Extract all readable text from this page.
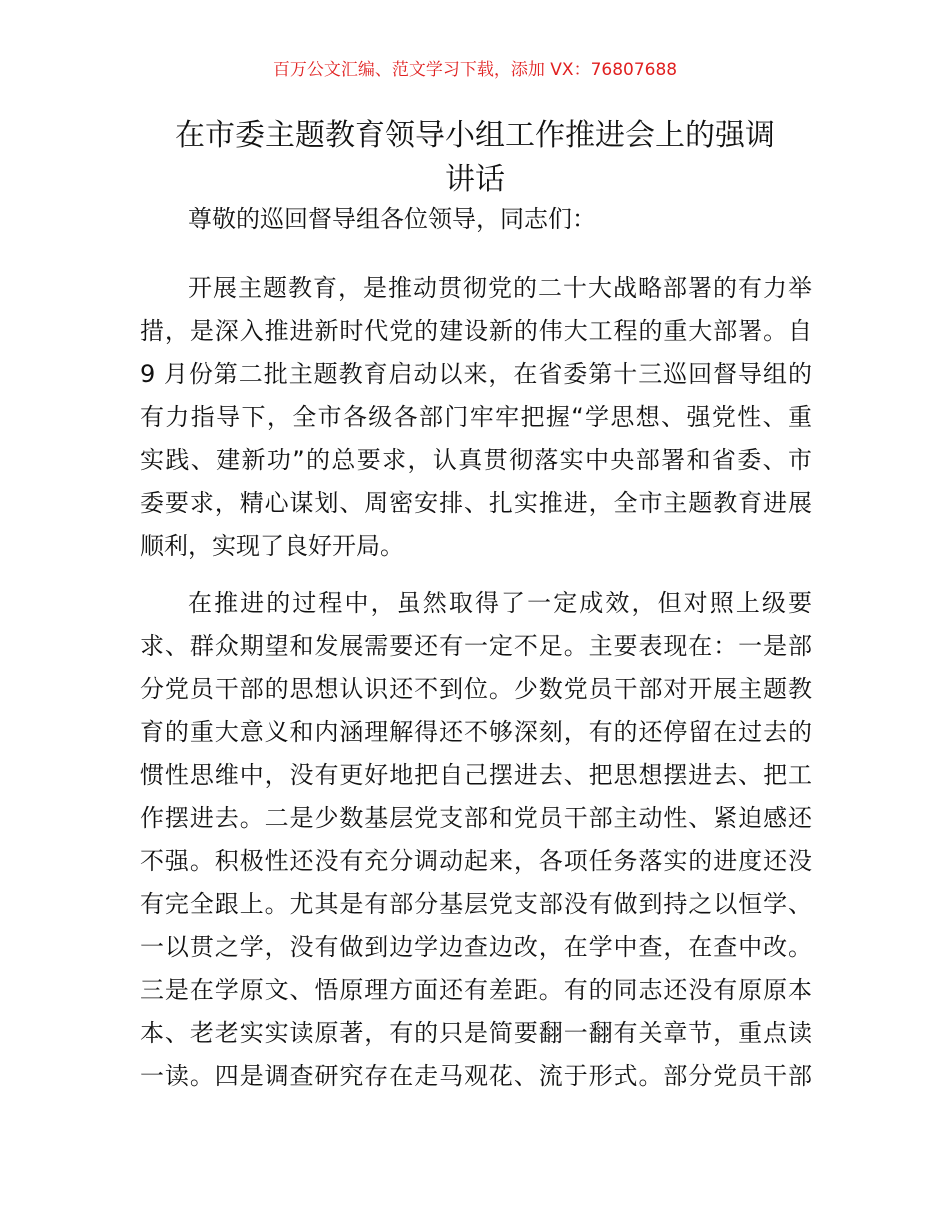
百万公文汇编、范文学习下载，添加 VX：76807688
在市委主题教育领导小组工作推进会上的强调
讲话
尊敬的巡回督导组各位领导，同志们：
开展主题教育，是推动贯彻党的二十大战略部署的有力举
措，是深入推进新时代党的建设新的伟大工程的重大部署。自
9 月份第二批主题教育启动以来，在省委第十三巡回督导组的
有力指导下，全市各级各部门牢牢把握“学思想、强党性、重
实践、建新功”的总要求，认真贯彻落实中央部署和省委、市
委要求，精心谋划、周密安排、扎实推进，全市主题教育进展
顺利，实现了良好开局。
在推进的过程中，虽然取得了一定成效，但对照上级要
求、群众期望和发展需要还有一定不足。主要表现在：一是部
分党员干部的思想认识还不到位。少数党员干部对开展主题教
育的重大意义和内涵理解得还不够深刻，有的还停留在过去的
惯性思维中，没有更好地把自己摆进去、把思想摆进去、把工
作摆进去。二是少数基层党支部和党员干部主动性、紧迫感还
不强。积极性还没有充分调动起来，各项任务落实的进度还没
有完全跟上。尤其是有部分基层党支部没有做到持之以恒学、
一以贯之学，没有做到边学边查边改，在学中查，在查中改。
三是在学原文、悟原理方面还有差距。有的同志还没有原原本
本、老老实实读原著，有的只是简要翻一翻有关章节，重点读
一读。四是调查研究存在走马观花、流于形式。部分党员干部
